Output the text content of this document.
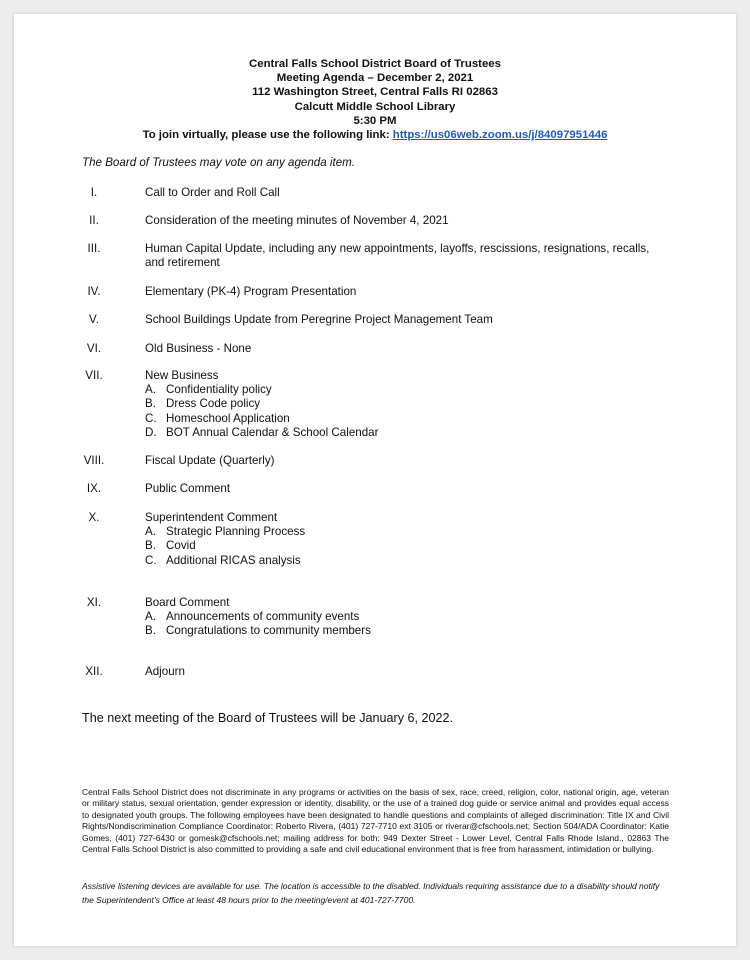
Central Falls School District Board of Trustees
Meeting Agenda – December 2, 2021
112 Washington Street, Central Falls RI 02863
Calcutt Middle School Library
5:30 PM
To join virtually, please use the following link: https://us06web.zoom.us/j/84097951446
The Board of Trustees may vote on any agenda item.
I.	Call to Order and Roll Call
II.	Consideration of the meeting minutes of November 4, 2021
III.	Human Capital Update, including any new appointments, layoffs, rescissions, resignations, recalls, and retirement
IV.	Elementary (PK-4) Program Presentation
V.	School Buildings Update from Peregrine Project Management Team
VI.	Old Business - None
VII.	New Business
A. Confidentiality policy
B. Dress Code policy
C. Homeschool Application
D. BOT Annual Calendar & School Calendar
VIII.	Fiscal Update (Quarterly)
IX.	Public Comment
X.	Superintendent Comment
A. Strategic Planning Process
B. Covid
C. Additional RICAS analysis
XI.	Board Comment
A. Announcements of community events
B. Congratulations to community members
XII.	Adjourn
The next meeting of the Board of Trustees will be January 6, 2022.
Central Falls School District does not discriminate in any programs or activities on the basis of sex, race, creed, religion, color, national origin, age, veteran or military status, sexual orientation, gender expression or identity, disability, or the use of a trained dog guide or service animal and provides equal access to designated youth groups. The following employees have been designated to handle questions and complaints of alleged discrimination: Title IX and Civil Rights/Nondiscrimination Compliance Coordinator: Roberto Rivera, (401) 727-7710 ext 3105 or riverar@cfschools.net; Section 504/ADA Coordinator: Katie Gomes, (401) 727-6430 or gomesk@cfschools.net; mailing address for both: 949 Dexter Street - Lower Level, Central Falls Rhode Island., 02863 The Central Falls School District is also committed to providing a safe and civil educational environment that is free from harassment, intimidation or bullying.
Assistive listening devices are available for use. The location is accessible to the disabled. Individuals requiring assistance due to a disability should notify the Superintendent’s Office at least 48 hours prior to the meeting/event at 401-727-7700.
